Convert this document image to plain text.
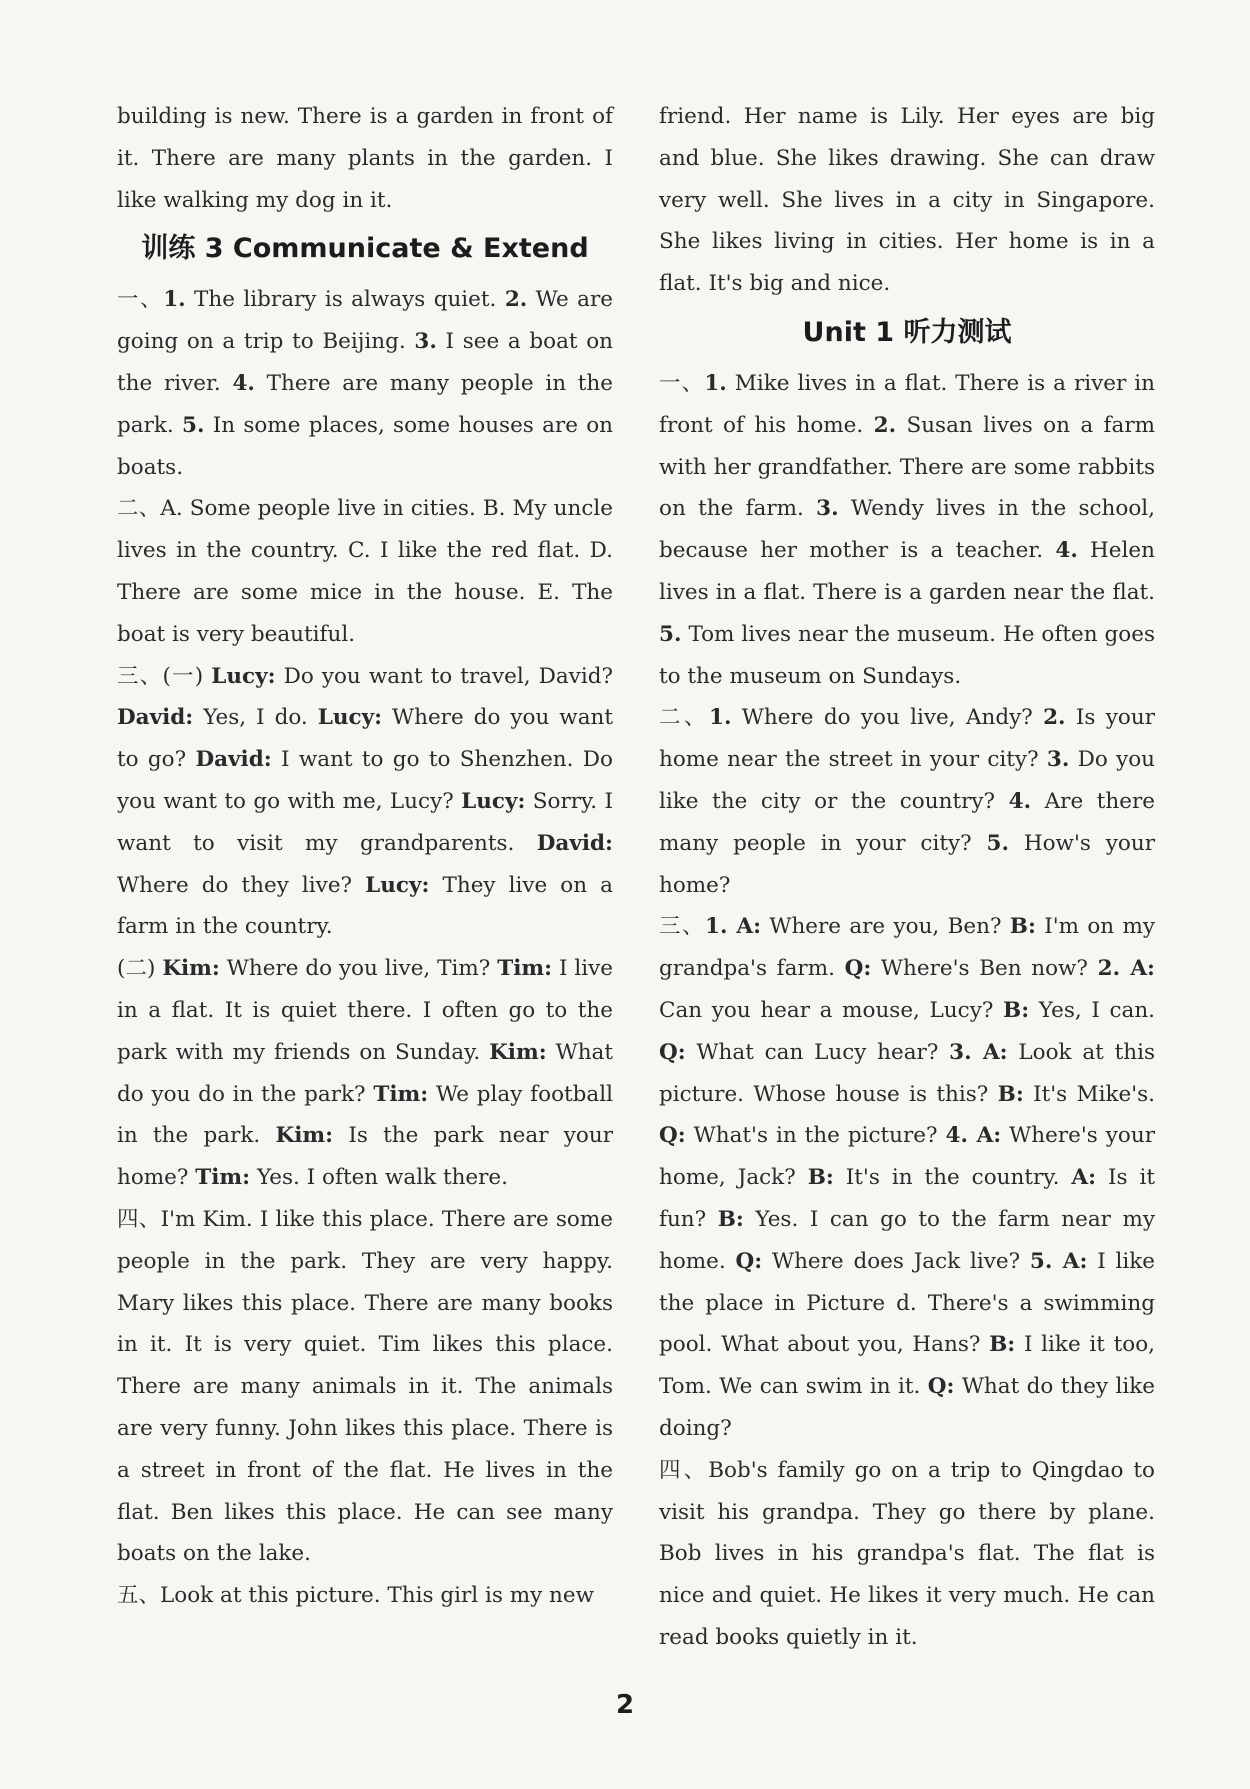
building is new. There is a garden in front of it. There are many plants in the garden. I like walking my dog in it.

训练 3 Communicate & Extend

一、1. The library is always quiet. 2. We are going on a trip to Beijing. 3. I see a boat on the river. 4. There are many people in the park. 5. In some places, some houses are on boats.

二、A. Some people live in cities. B. My uncle lives in the country. C. I like the red flat. D. There are some mice in the house. E. The boat is very beautiful.

三、(一) Lucy: Do you want to travel, David? David: Yes, I do. Lucy: Where do you want to go? David: I want to go to Shenzhen. Do you want to go with me, Lucy? Lucy: Sorry. I want to visit my grandparents. David: Where do they live? Lucy: They live on a farm in the country.

(二) Kim: Where do you live, Tim? Tim: I live in a flat. It is quiet there. I often go to the park with my friends on Sunday. Kim: What do you do in the park? Tim: We play football in the park. Kim: Is the park near your home? Tim: Yes. I often walk there.

四、I'm Kim. I like this place. There are some people in the park. They are very happy. Mary likes this place. There are many books in it. It is very quiet. Tim likes this place. There are many animals in it. The animals are very funny. John likes this place. There is a street in front of the flat. He lives in the flat. Ben likes this place. He can see many boats on the lake.

五、Look at this picture. This girl is my new

friend. Her name is Lily. Her eyes are big and blue. She likes drawing. She can draw very well. She lives in a city in Singapore. She likes living in cities. Her home is in a flat. It's big and nice.

Unit 1 听力测试

一、1. Mike lives in a flat. There is a river in front of his home. 2. Susan lives on a farm with her grandfather. There are some rabbits on the farm. 3. Wendy lives in the school, because her mother is a teacher. 4. Helen lives in a flat. There is a garden near the flat. 5. Tom lives near the museum. He often goes to the museum on Sundays.

二、1. Where do you live, Andy? 2. Is your home near the street in your city? 3. Do you like the city or the country? 4. Are there many people in your city? 5. How's your home?

三、1. A: Where are you, Ben? B: I'm on my grandpa's farm. Q: Where's Ben now? 2. A: Can you hear a mouse, Lucy? B: Yes, I can. Q: What can Lucy hear? 3. A: Look at this picture. Whose house is this? B: It's Mike's. Q: What's in the picture? 4. A: Where's your home, Jack? B: It's in the country. A: Is it fun? B: Yes. I can go to the farm near my home. Q: Where does Jack live? 5. A: I like the place in Picture d. There's a swimming pool. What about you, Hans? B: I like it too, Tom. We can swim in it. Q: What do they like doing?

四、Bob's family go on a trip to Qingdao to visit his grandpa. They go there by plane. Bob lives in his grandpa's flat. The flat is nice and quiet. He likes it very much. He can read books quietly in it.

2
